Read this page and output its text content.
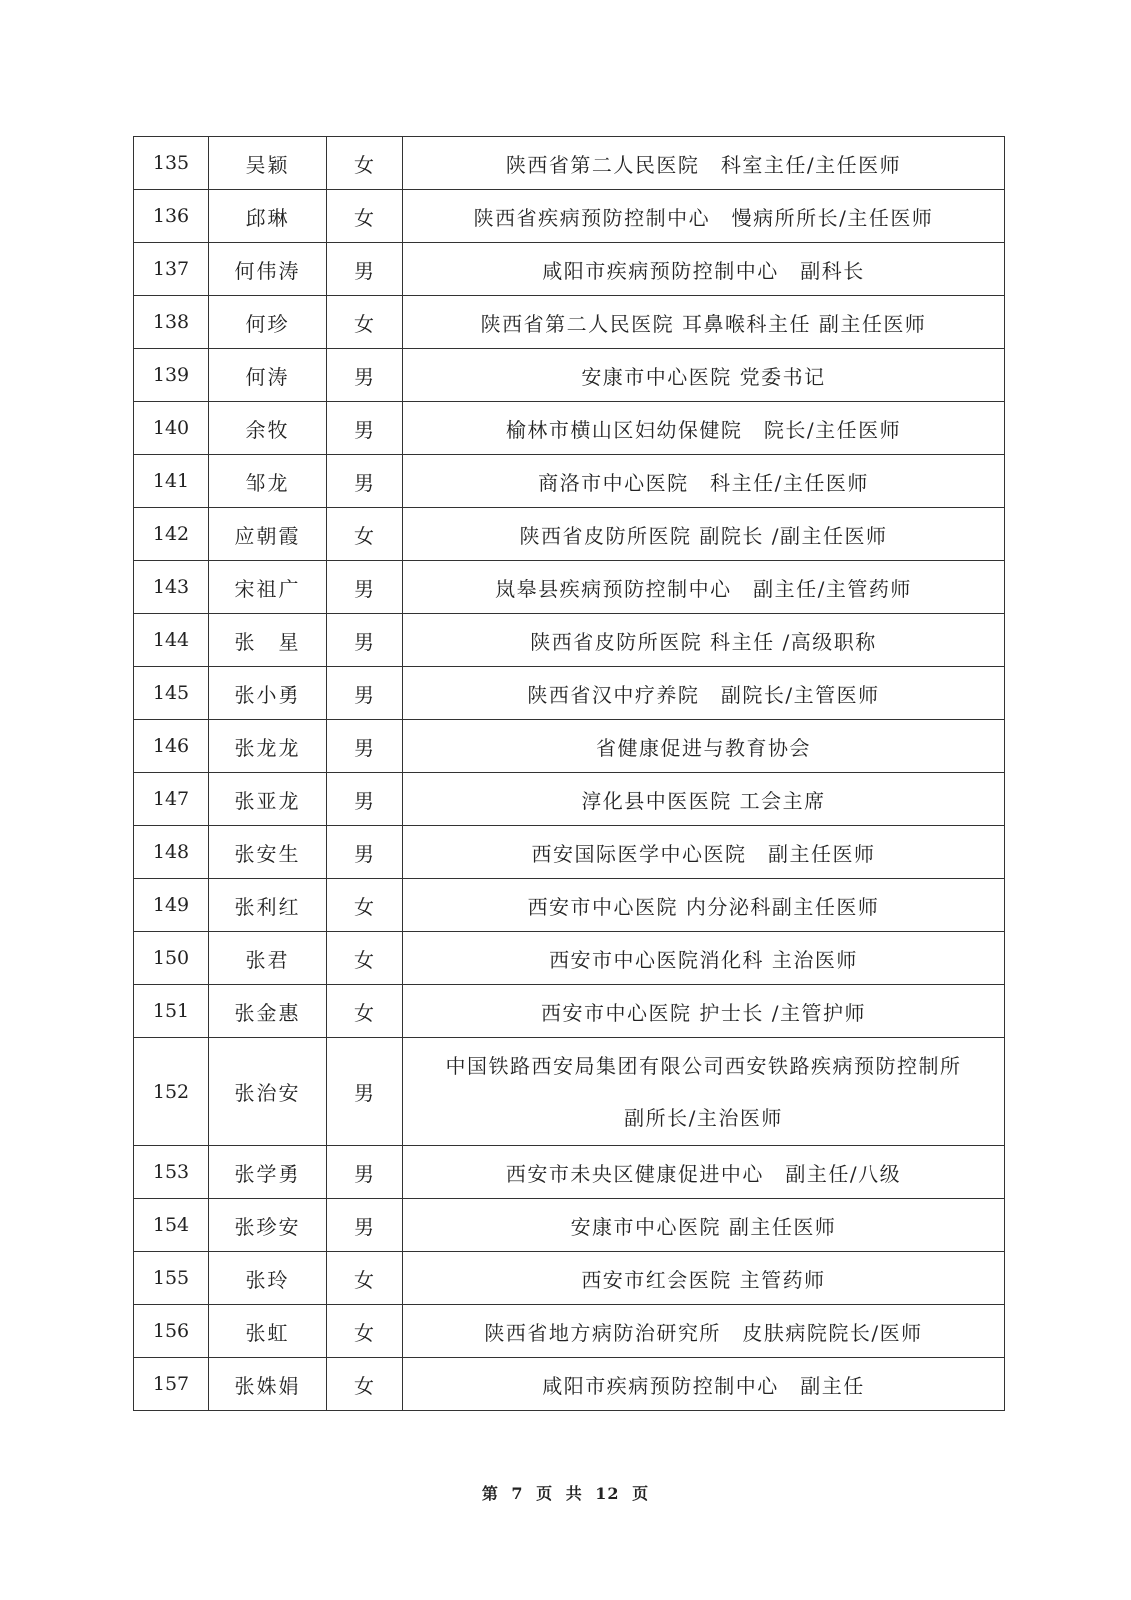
135	吴颖	女	陕西省第二人民医院　科室主任/主任医师

136	邱琳	女	陕西省疾病预防控制中心　慢病所所长/主任医师

137	何伟涛	男	咸阳市疾病预防控制中心　副科长

138	何珍	女	陕西省第二人民医院 耳鼻喉科主任 副主任医师

139	何涛	男	安康市中心医院 党委书记

140	余牧	男	榆林市横山区妇幼保健院　院长/主任医师

141	邹龙	男	商洛市中心医院　科主任/主任医师

142	应朝霞	女	陕西省皮防所医院 副院长 /副主任医师

143	宋祖广	男	岚皋县疾病预防控制中心　副主任/主管药师

144	张　星	男	陕西省皮防所医院 科主任 /高级职称

145	张小勇	男	陕西省汉中疗养院　副院长/主管医师

146	张龙龙	男	省健康促进与教育协会

147	张亚龙	男	淳化县中医医院 工会主席

148	张安生	男	西安国际医学中心医院　副主任医师

149	张利红	女	西安市中心医院 内分泌科副主任医师

150	张君	女	西安市中心医院消化科 主治医师

151	张金惠	女	西安市中心医院 护士长 /主管护师

152	张治安	男	中国铁路西安局集团有限公司西安铁路疾病预防控制所
副所长/主治医师

153	张学勇	男	西安市未央区健康促进中心　副主任/八级

154	张珍安	男	安康市中心医院 副主任医师

155	张玲	女	西安市红会医院 主管药师

156	张虹	女	陕西省地方病防治研究所　皮肤病院院长/医师

157	张姝娟	女	咸阳市疾病预防控制中心　副主任
第 7 页 共 12 页
